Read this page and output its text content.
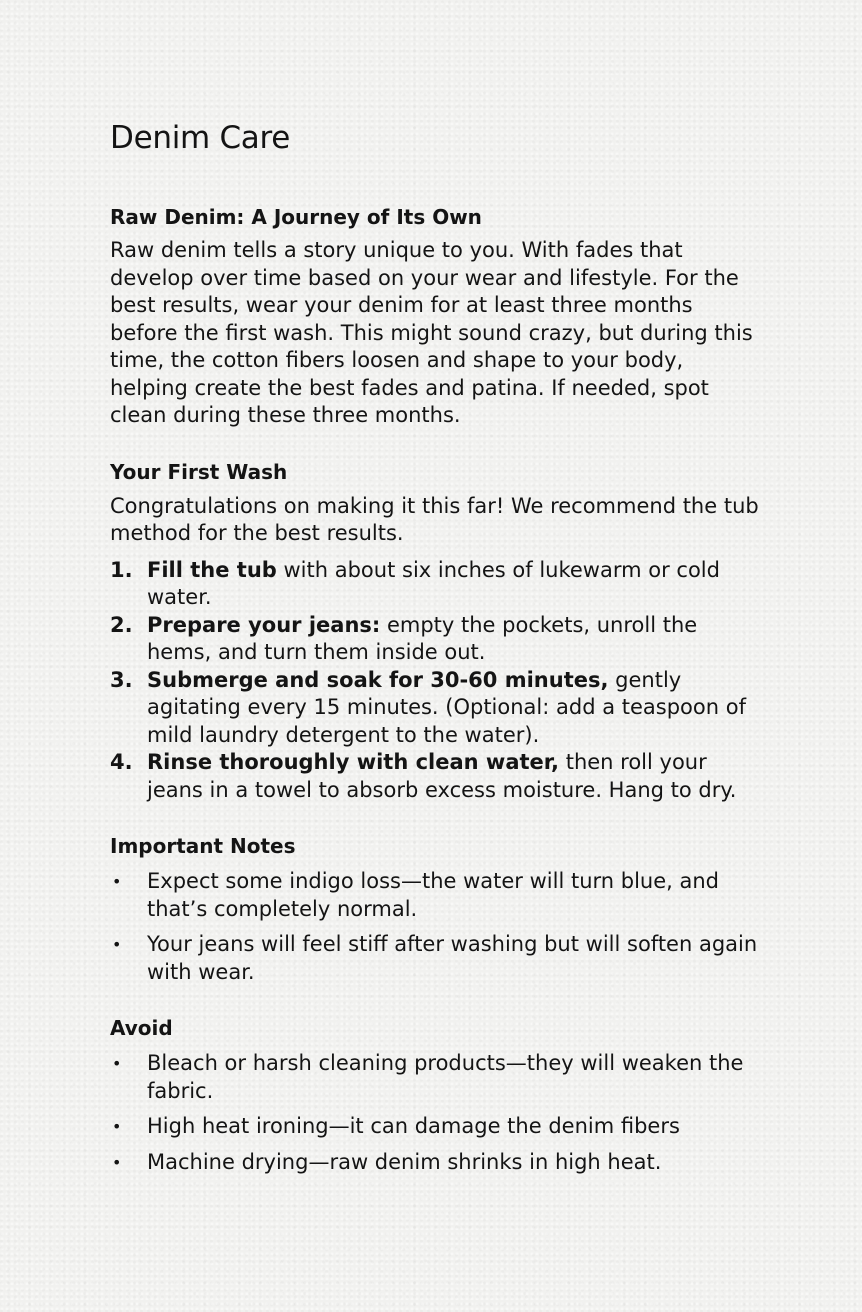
Denim Care
Raw Denim: A Journey of Its Own

Raw denim tells a story unique to you. With fades that develop over time based on your wear and lifestyle. For the best results, wear your denim for at least three months before the first wash. This might sound crazy, but during this time, the cotton fibers loosen and shape to your body, helping create the best fades and patina. If needed, spot clean during these three months.

Your First Wash

Congratulations on making it this far! We recommend the tub method for the best results.

1. Fill the tub with about six inches of lukewarm or cold water.
2. Prepare your jeans: empty the pockets, unroll the hems, and turn them inside out.
3. Submerge and soak for 30-60 minutes, gently agitating every 15 minutes. (Optional: add a teaspoon of mild laundry detergent to the water).
4. Rinse thoroughly with clean water, then roll your jeans in a towel to absorb excess moisture. Hang to dry.
Important Notes
• Expect some indigo loss—the water will turn blue, and that’s completely normal.
• Your jeans will feel stiff after washing but will soften again with wear.
Avoid
• Bleach or harsh cleaning products—they will weaken the fabric.
• High heat ironing—it can damage the denim fibers
• Machine drying—raw denim shrinks in high heat.
